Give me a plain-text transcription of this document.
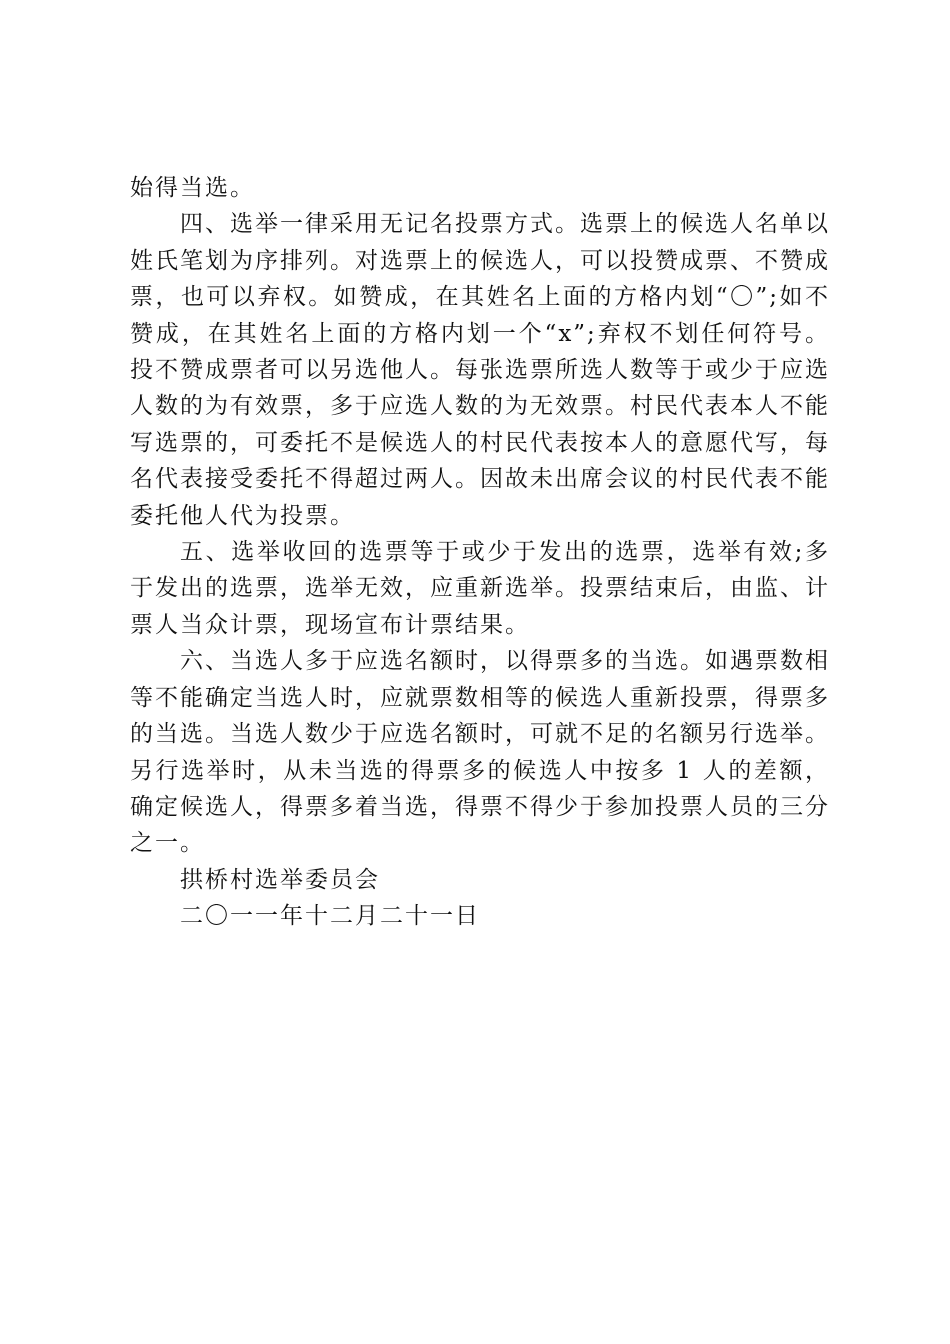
始得当选。

四、选举一律采用无记名投票方式。选票上的候选人名单以姓氏笔划为序排列。对选票上的候选人，可以投赞成票、不赞成票，也可以弃权。如赞成，在其姓名上面的方格内划“〇”;如不赞成，在其姓名上面的方格内划一个“x”;弃权不划任何符号。投不赞成票者可以另选他人。每张选票所选人数等于或少于应选人数的为有效票，多于应选人数的为无效票。村民代表本人不能写选票的，可委托不是候选人的村民代表按本人的意愿代写，每名代表接受委托不得超过两人。因故未出席会议的村民代表不能委托他人代为投票。

五、选举收回的选票等于或少于发出的选票，选举有效;多于发出的选票，选举无效，应重新选举。投票结束后，由监、计票人当众计票，现场宣布计票结果。

六、当选人多于应选名额时，以得票多的当选。如遇票数相等不能确定当选人时，应就票数相等的候选人重新投票，得票多的当选。当选人数少于应选名额时，可就不足的名额另行选举。另行选举时，从未当选的得票多的候选人中按多 1 人的差额，确定候选人，得票多着当选，得票不得少于参加投票人员的三分之一。

拱桥村选举委员会

二〇一一年十二月二十一日
